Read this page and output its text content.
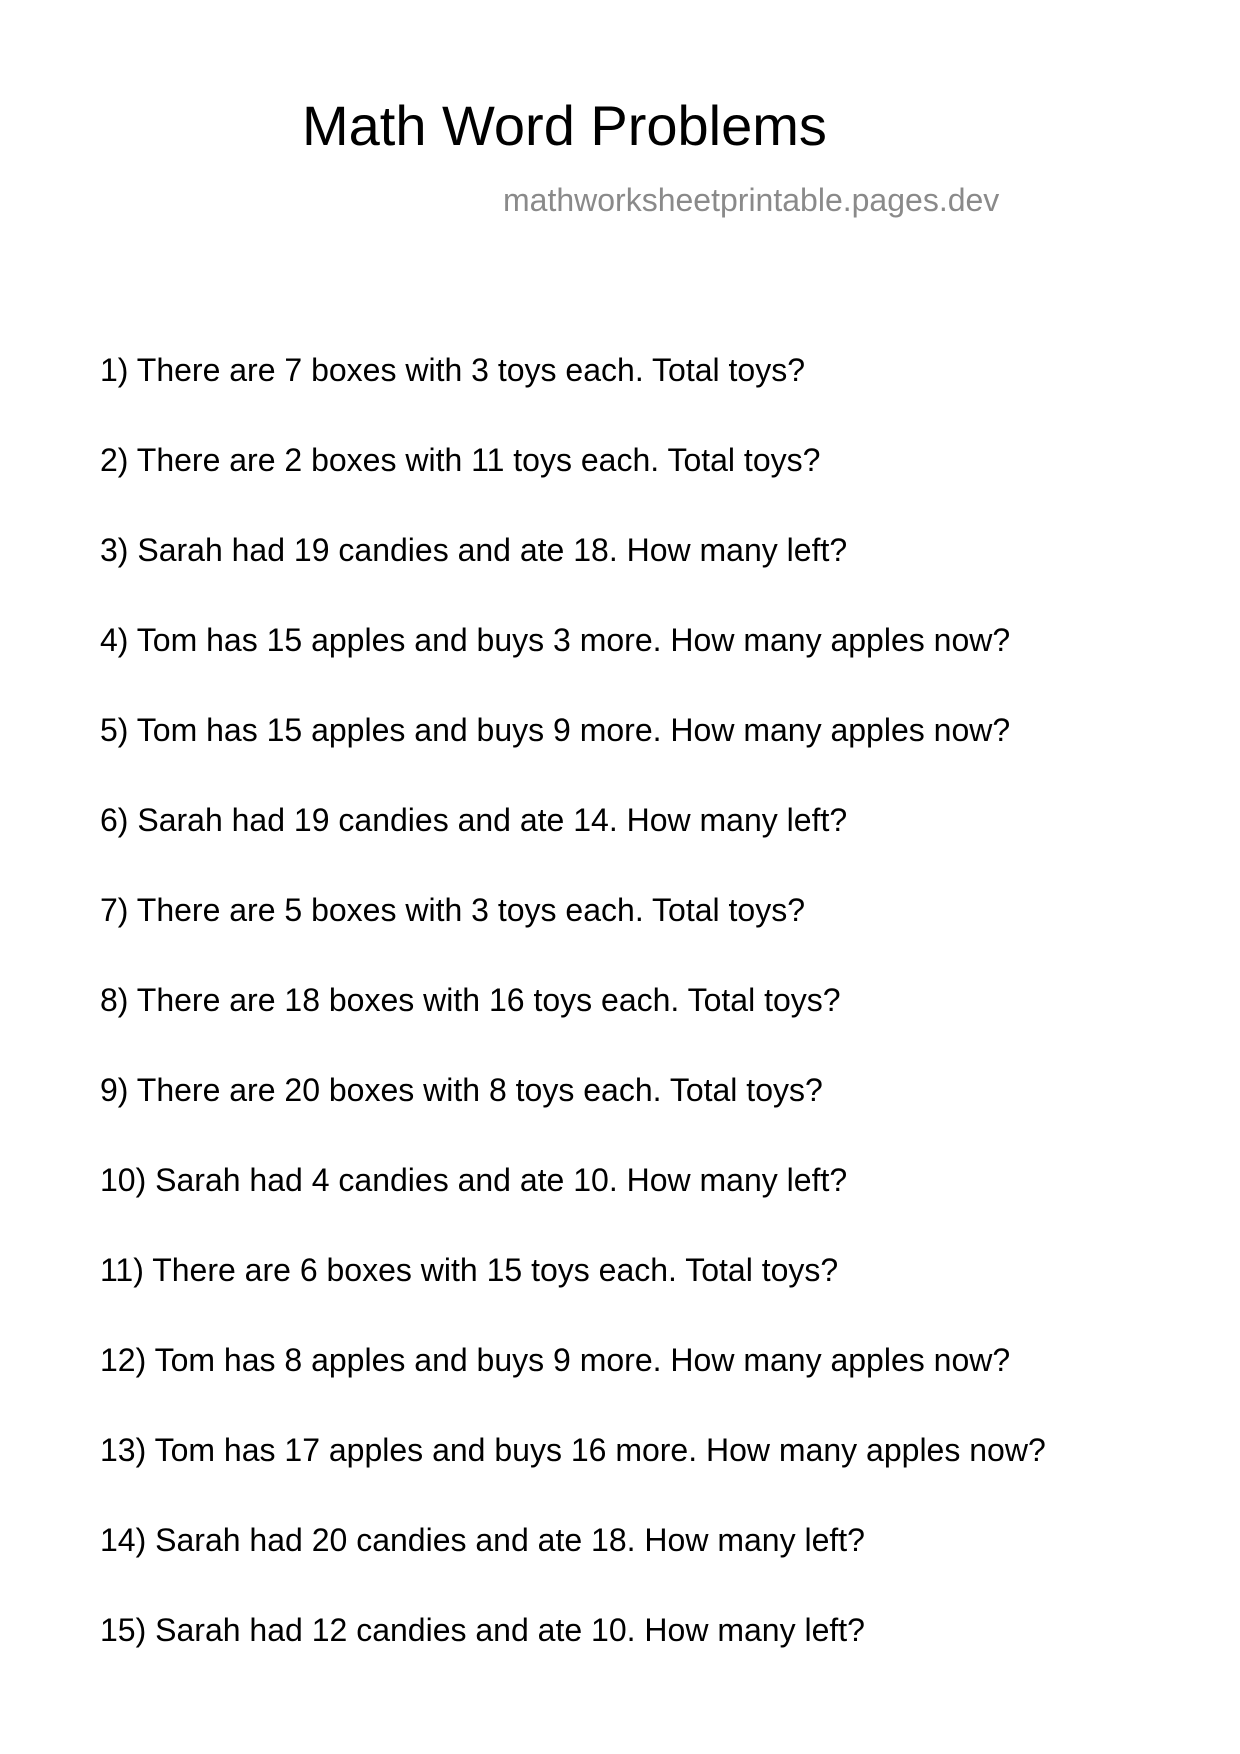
Math Word Problems
mathworksheetprintable.pages.dev
1) There are 7 boxes with 3 toys each. Total toys?
2) There are 2 boxes with 11 toys each. Total toys?
3) Sarah had 19 candies and ate 18. How many left?
4) Tom has 15 apples and buys 3 more. How many apples now?
5) Tom has 15 apples and buys 9 more. How many apples now?
6) Sarah had 19 candies and ate 14. How many left?
7) There are 5 boxes with 3 toys each. Total toys?
8) There are 18 boxes with 16 toys each. Total toys?
9) There are 20 boxes with 8 toys each. Total toys?
10) Sarah had 4 candies and ate 10. How many left?
11) There are 6 boxes with 15 toys each. Total toys?
12) Tom has 8 apples and buys 9 more. How many apples now?
13) Tom has 17 apples and buys 16 more. How many apples now?
14) Sarah had 20 candies and ate 18. How many left?
15) Sarah had 12 candies and ate 10. How many left?
